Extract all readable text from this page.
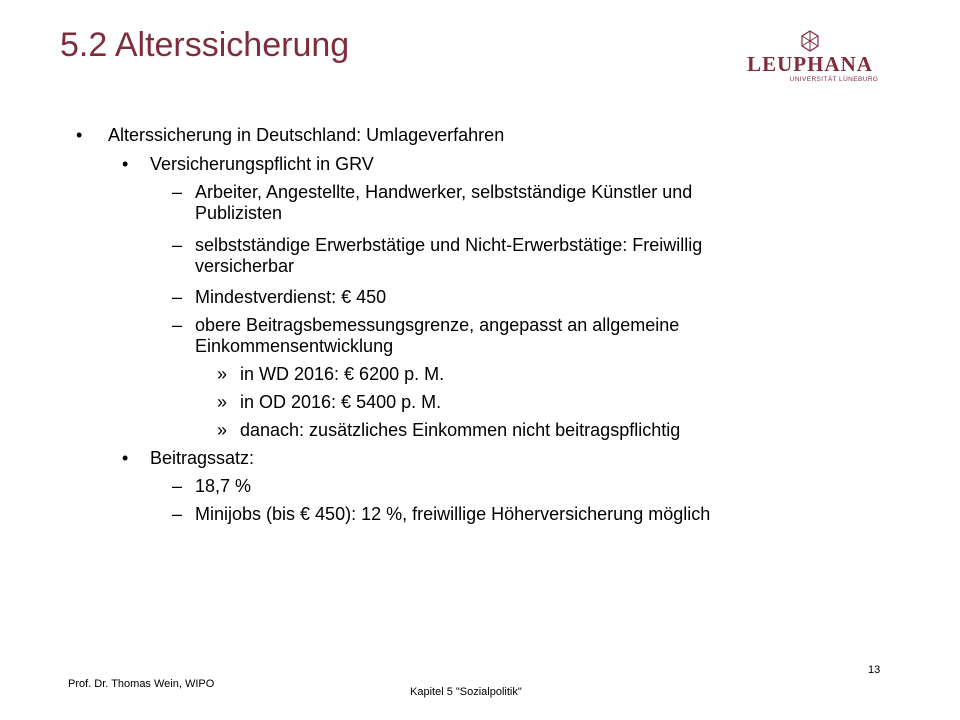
5.2 Alterssicherung	LEUPHANA
UNIVERSITÄT LÜNEBURG
• Alterssicherung in Deutschland: Umlageverfahren
• Versicherungspflicht in GRV
– Arbeiter, Angestellte, Handwerker, selbstständige Künstler und
Publizisten
– selbstständige Erwerbstätige und Nicht-Erwerbstätige: Freiwillig
versicherbar
– Mindestverdienst: € 450
– obere Beitragsbemessungsgrenze, angepasst an allgemeine
Einkommensentwicklung
» in WD 2016: € 6200 p. M.
» in OD 2016: € 5400 p. M.
» danach: zusätzliches Einkommen nicht beitragspflichtig
• Beitragssatz:
– 18,7 %
– Minijobs (bis € 450): 12 %, freiwillige Höherversicherung möglich
Prof. Dr. Thomas Wein, WIPO
Kapitel 5 "Sozialpolitik"
13
